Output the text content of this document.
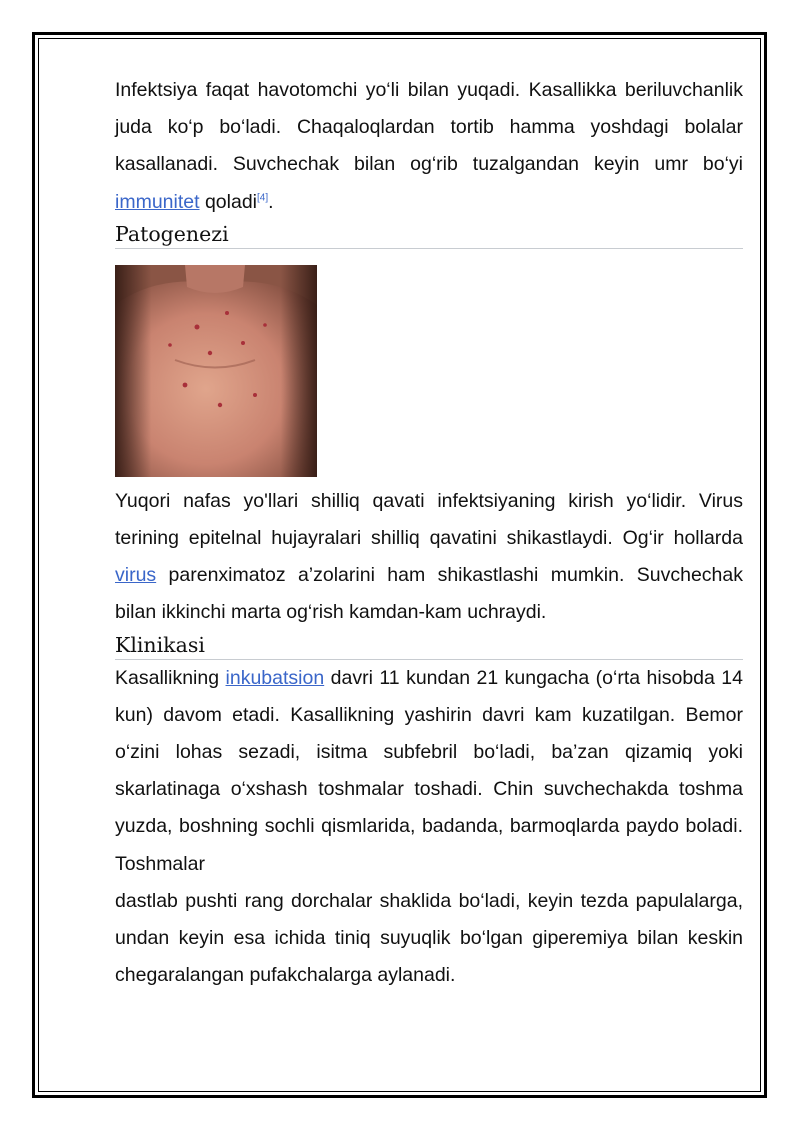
Infektsiya faqat havotomchi yo‘li bilan yuqadi. Kasallikka beriluvchanlik juda ko‘p bo‘ladi. Chaqaloqlardan tortib hamma yoshdagi bolalar kasallanadi. Suvchechak bilan og‘rib tuzalgandan keyin umr bo‘yi immunitet qoladi[4].

Patogenezi

Yuqori nafas yo'llari shilliq qavati infektsiyaning kirish yo‘lidir. Virus terining epitelnal hujayralari shilliq qavatini shikastlaydi. Og‘ir hollarda virus parenximatoz a’zolarini ham shikastlashi mumkin. Suvchechak bilan ikkinchi marta og‘rish kamdan-kam uchraydi.

Klinikasi

Kasallikning inkubatsion davri 11 kundan 21 kungacha (o‘rta hisobda 14 kun) davom etadi. Kasallikning yashirin davri kam kuzatilgan. Bemor o‘zini lohas sezadi, isitma subfebril bo‘ladi, ba’zan qizamiq yoki skarlatinaga o‘xshash toshmalar toshadi. Chin suvchechakda toshma yuzda, boshning sochli qismlarida, badanda, barmoqlarda paydo boladi. Toshmalar

dastlab pushti rang dorchalar shaklida bo‘ladi, keyin tezda papulalarga, undan keyin esa ichida tiniq suyuqlik bo‘lgan giperemiya bilan keskin chegaralangan pufakchalarga aylanadi.
